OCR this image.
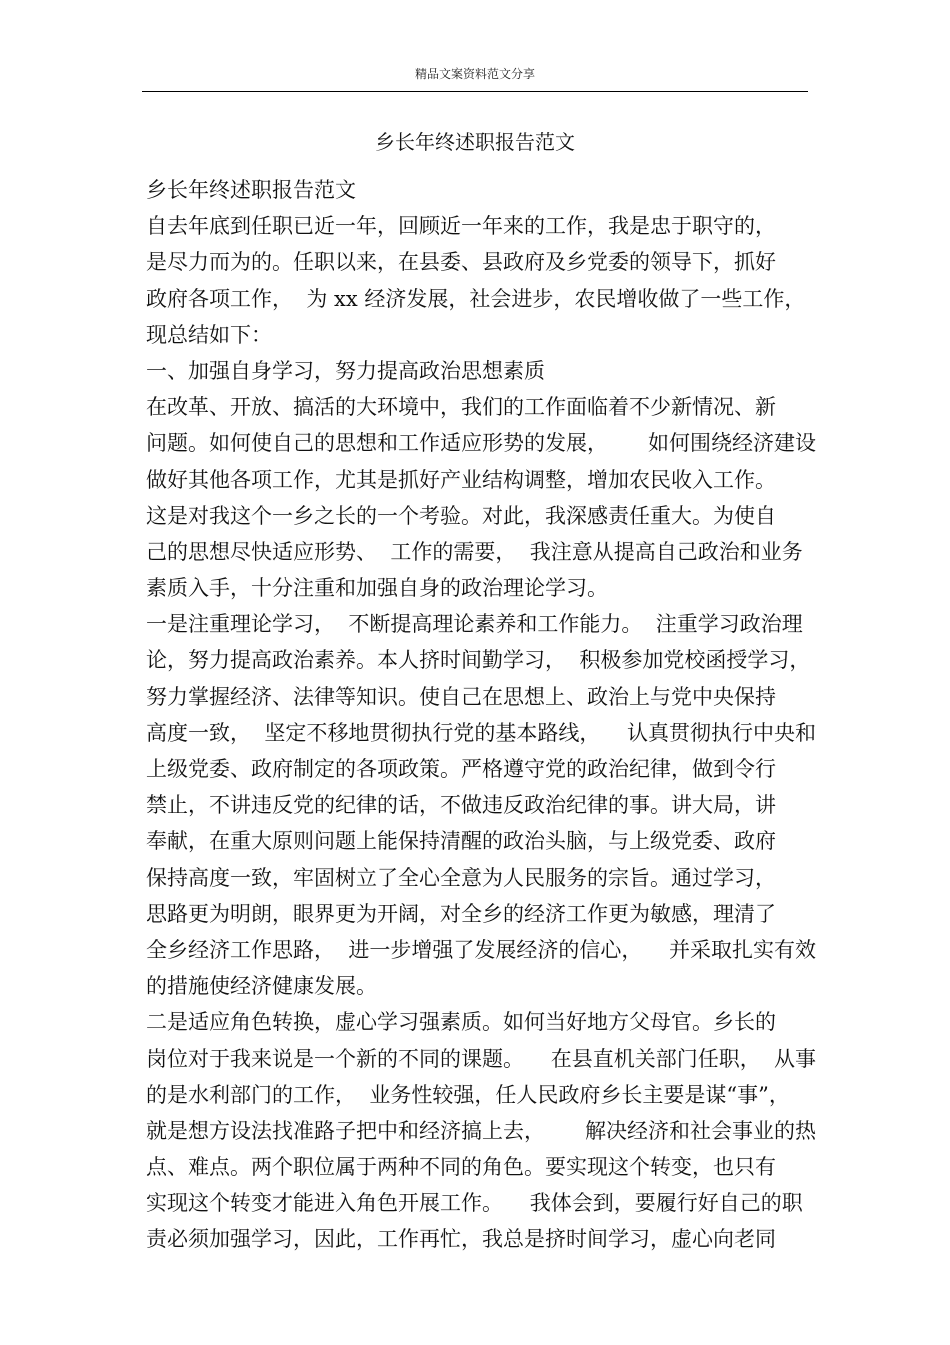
精品文案资料范文分享
乡长年终述职报告范文
乡长年终述职报告范文
自去年底到任职已近一年，回顾近一年来的工作，我是忠于职守的，
是尽力而为的。任职以来，在县委、县政府及乡党委的领导下，抓好
政府各项工作，  为 xx 经济发展，社会进步，农民增收做了一些工作，
现总结如下：
一、加强自身学习，努力提高政治思想素质
在改革、开放、搞活的大环境中，我们的工作面临着不少新情况、新
问题。如何使自己的思想和工作适应形势的发展，      如何围绕经济建设
做好其他各项工作，尤其是抓好产业结构调整，增加农民收入工作。
这是对我这个一乡之长的一个考验。对此，我深感责任重大。为使自
己的思想尽快适应形势、  工作的需要，  我注意从提高自己政治和业务
素质入手，十分注重和加强自身的政治理论学习。
一是注重理论学习，  不断提高理论素养和工作能力。  注重学习政治理
论，努力提高政治素养。本人挤时间勤学习，  积极参加党校函授学习，
努力掌握经济、法律等知识。使自己在思想上、政治上与党中央保持
高度一致，  坚定不移地贯彻执行党的基本路线，    认真贯彻执行中央和
上级党委、政府制定的各项政策。严格遵守党的政治纪律，做到令行
禁止，不讲违反党的纪律的话，不做违反政治纪律的事。讲大局，讲
奉献，在重大原则问题上能保持清醒的政治头脑，与上级党委、政府
保持高度一致，牢固树立了全心全意为人民服务的宗旨。通过学习，
思路更为明朗，眼界更为开阔，对全乡的经济工作更为敏感，理清了
全乡经济工作思路，  进一步增强了发展经济的信心，    并采取扎实有效
的措施使经济健康发展。
二是适应角色转换，虚心学习强素质。如何当好地方父母官。乡长的
岗位对于我来说是一个新的不同的课题。    在县直机关部门任职，  从事
的是水利部门的工作，  业务性较强，任人民政府乡长主要是谋“事”，
就是想方设法找准路子把中和经济搞上去，      解决经济和社会事业的热
点、难点。两个职位属于两种不同的角色。要实现这个转变，也只有
实现这个转变才能进入角色开展工作。    我体会到，要履行好自己的职
责必须加强学习，因此，工作再忙，我总是挤时间学习，虚心向老同
